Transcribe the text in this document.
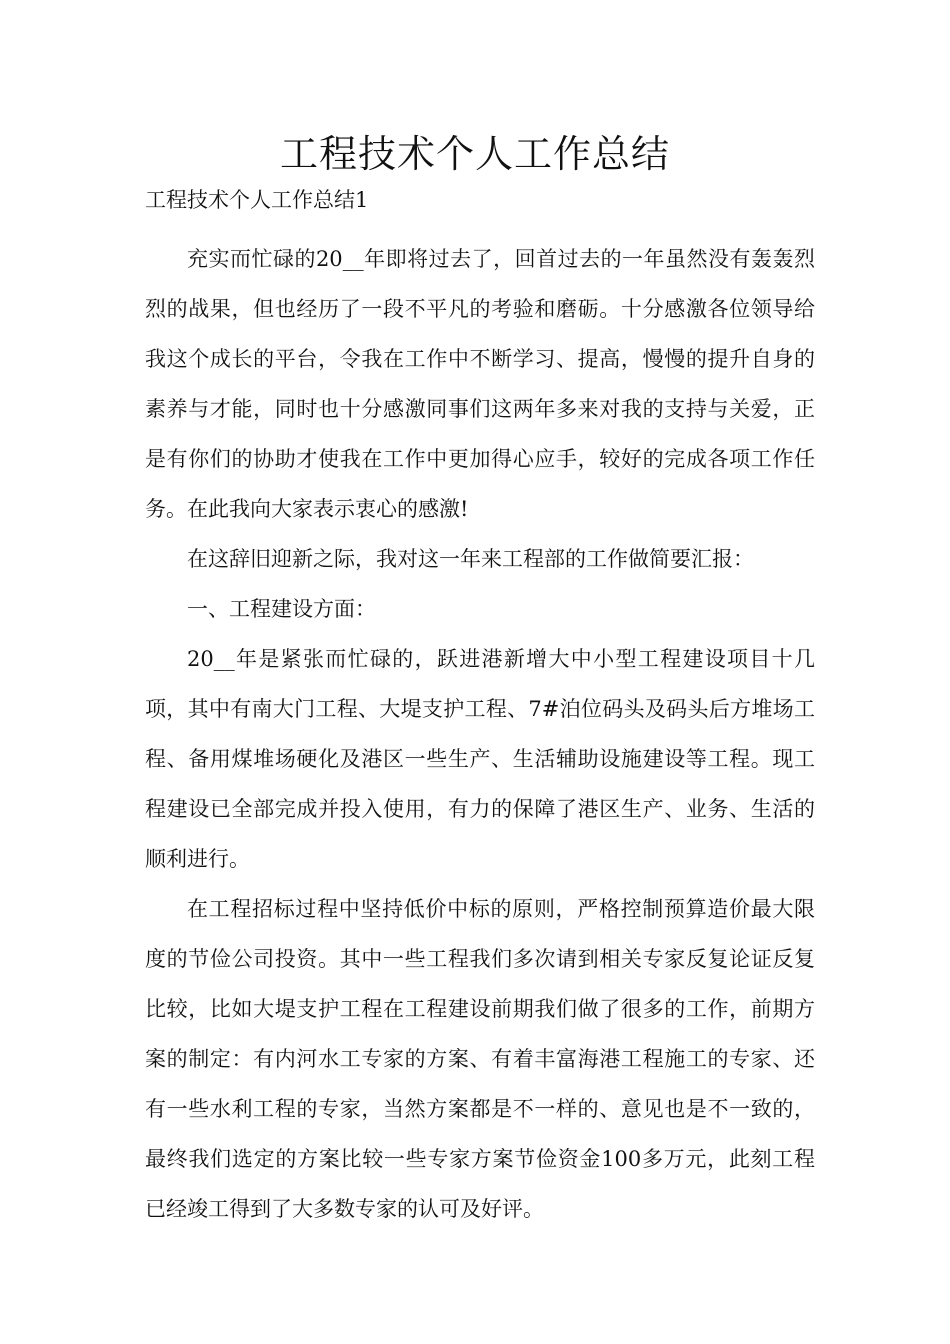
工程技术个人工作总结

工程技术个人工作总结1

充实而忙碌的20__年即将过去了，回首过去的一年虽然没有轰轰烈烈的战果，但也经历了一段不平凡的考验和磨砺。十分感激各位领导给我这个成长的平台，令我在工作中不断学习、提高，慢慢的提升自身的素养与才能，同时也十分感激同事们这两年多来对我的支持与关爱，正是有你们的协助才使我在工作中更加得心应手，较好的完成各项工作任务。在此我向大家表示衷心的感激!

在这辞旧迎新之际，我对这一年来工程部的工作做简要汇报：

一、工程建设方面：

20__年是紧张而忙碌的，跃进港新增大中小型工程建设项目十几项，其中有南大门工程、大堤支护工程、7#泊位码头及码头后方堆场工程、备用煤堆场硬化及港区一些生产、生活辅助设施建设等工程。现工程建设已全部完成并投入使用，有力的保障了港区生产、业务、生活的顺利进行。

在工程招标过程中坚持低价中标的原则，严格控制预算造价最大限度的节俭公司投资。其中一些工程我们多次请到相关专家反复论证反复比较，比如大堤支护工程在工程建设前期我们做了很多的工作，前期方案的制定：有内河水工专家的方案、有着丰富海港工程施工的专家、还有一些水利工程的专家，当然方案都是不一样的、意见也是不一致的，最终我们选定的方案比较一些专家方案节俭资金100多万元，此刻工程已经竣工得到了大多数专家的认可及好评。
